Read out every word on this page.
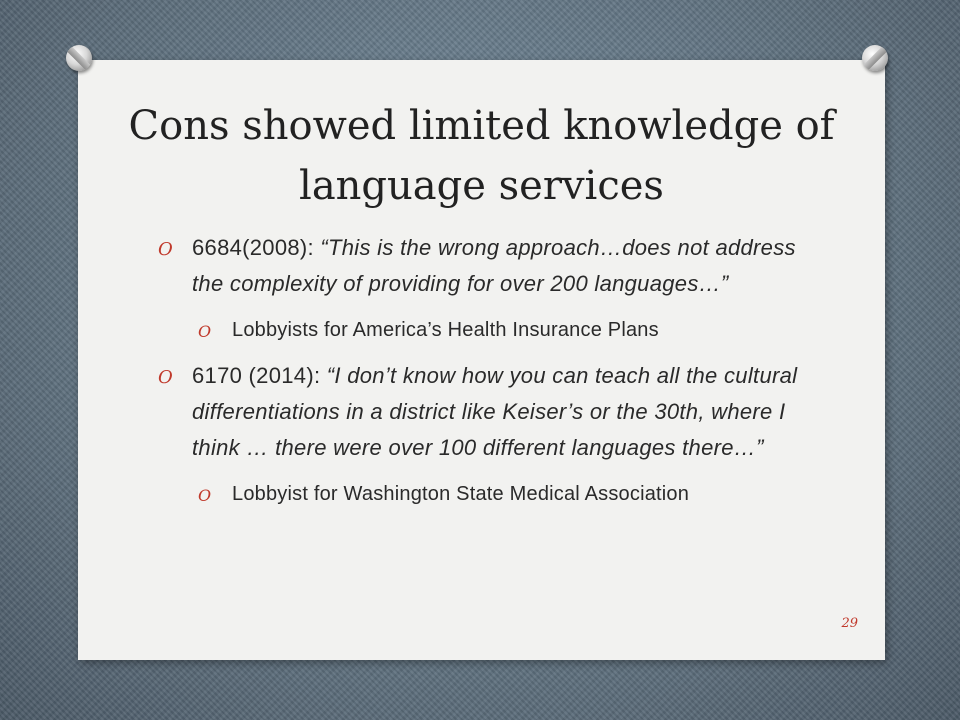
Cons showed limited knowledge of language services
O 6684(2008): “This is the wrong approach…does not address the complexity of providing for over 200 languages…”
O Lobbyists for America’s Health Insurance Plans
O 6170 (2014): “I don’t know how you can teach all the cultural differentiations in a district like Keiser’s or the 30th, where I think … there were over 100 different languages there…”
O Lobbyist for Washington State Medical Association
29
